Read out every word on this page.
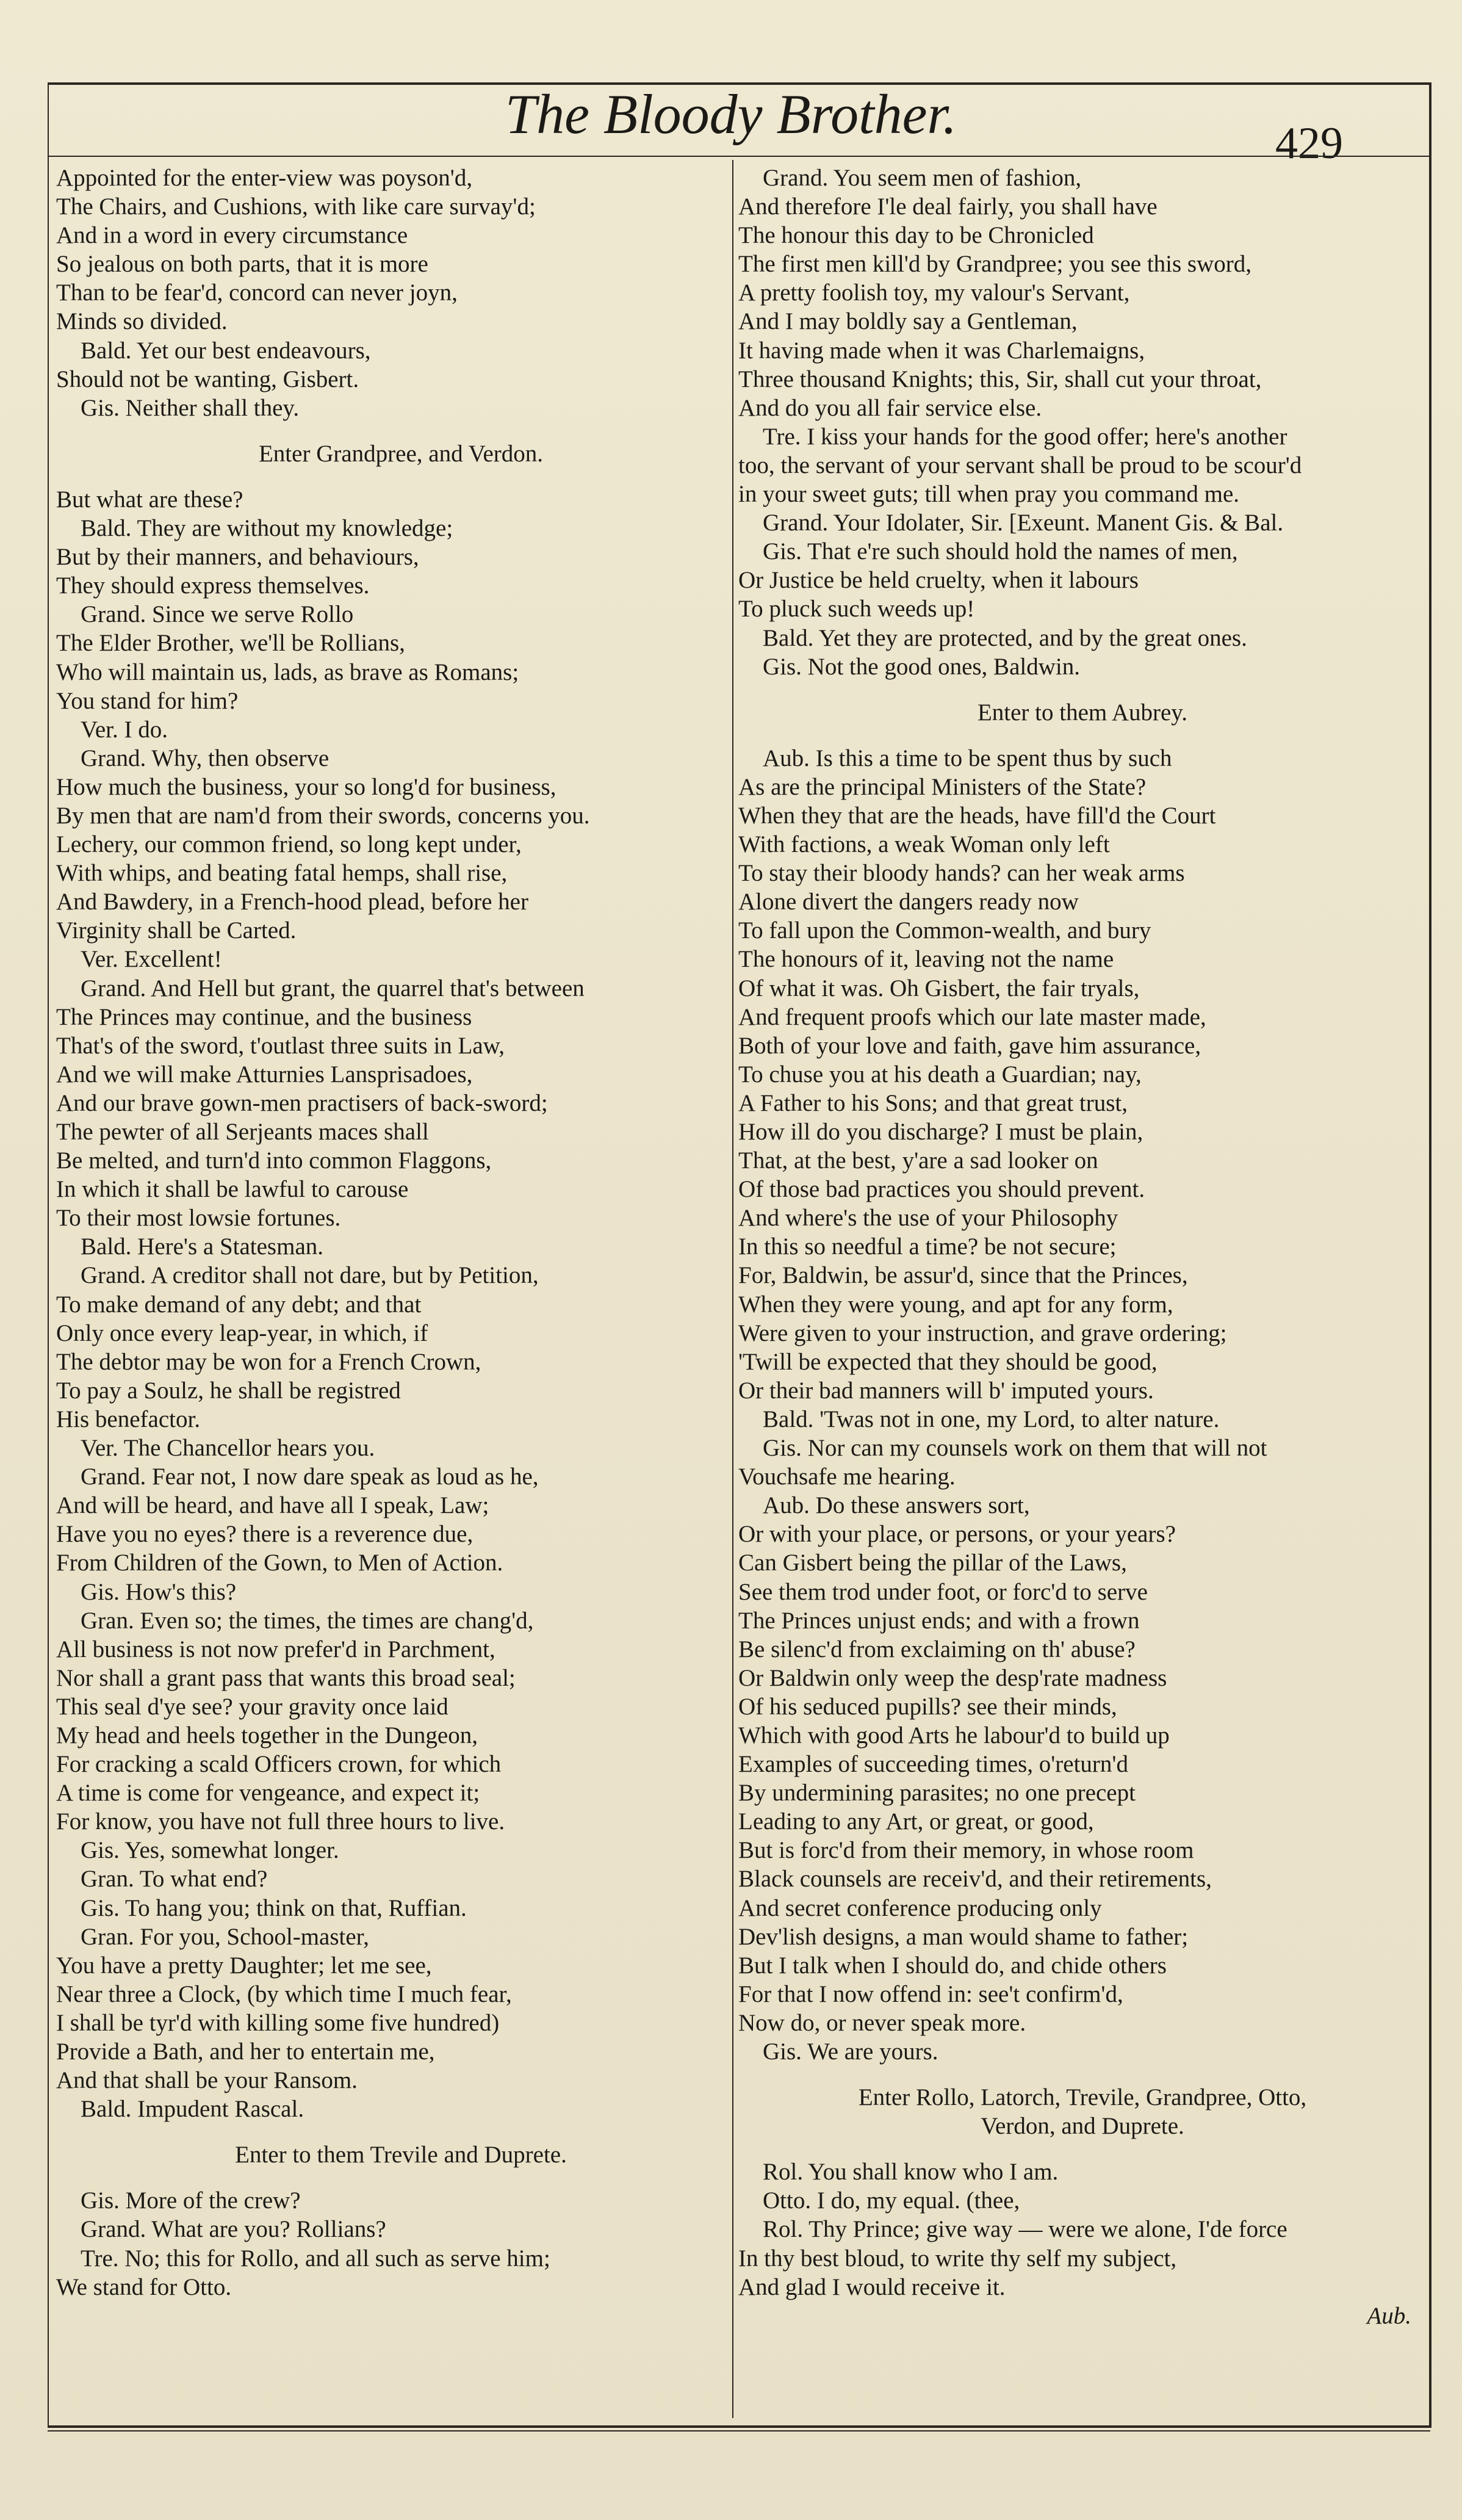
The Bloody Brother.	429
Appointed for the enter-view was poyson'd,
The Chairs, and Cushions, with like care survay'd;
And in a word in every circumstance
So jealous on both parts, that it is more
Than to be fear'd, concord can never joyn,
Minds so divided.
Bald. Yet our best endeavours,
Should not be wanting, Gisbert.
Gis. Neither shall they.
Enter Grandpree, and Verdon.
But what are these?
Bald. They are without my knowledge;
But by their manners, and behaviours,
They should express themselves.
Grand. Since we serve Rollo
The Elder Brother, we'll be Rollians,
Who will maintain us, lads, as brave as Romans;
You stand for him?
Ver. I do.
Grand. Why, then observe
How much the business, your so long'd for business,
By men that are nam'd from their swords, concerns you.
Lechery, our common friend, so long kept under,
With whips, and beating fatal hemps, shall rise,
And Bawdery, in a French-hood plead, before her
Virginity shall be Carted.
Ver. Excellent!
Grand. And Hell but grant, the quarrel that's between
The Princes may continue, and the business
That's of the sword, t'outlast three suits in Law,
And we will make Atturnies Lansprisadoes,
And our brave gown-men practisers of back-sword;
The pewter of all Serjeants maces shall
Be melted, and turn'd into common Flaggons,
In which it shall be lawful to carouse
To their most lowsie fortunes.
Bald. Here's a Statesman.
Grand. A creditor shall not dare, but by Petition,
To make demand of any debt; and that
Only once every leap-year, in which, if
The debtor may be won for a French Crown,
To pay a Soulz, he shall be registred
His benefactor.
Ver. The Chancellor hears you.
Grand. Fear not, I now dare speak as loud as he,
And will be heard, and have all I speak, Law;
Have you no eyes? there is a reverence due,
From Children of the Gown, to Men of Action.
Gis. How's this?
Gran. Even so; the times, the times are chang'd,
All business is not now prefer'd in Parchment,
Nor shall a grant pass that wants this broad seal;
This seal d'ye see? your gravity once laid
My head and heels together in the Dungeon,
For cracking a scald Officers crown, for which
A time is come for vengeance, and expect it;
For know, you have not full three hours to live.
Gis. Yes, somewhat longer.
Gran. To what end?
Gis. To hang you; think on that, Ruffian.
Gran. For you, School-master,
You have a pretty Daughter; let me see,
Near three a Clock, (by which time I much fear,
I shall be tyr'd with killing some five hundred)
Provide a Bath, and her to entertain me,
And that shall be your Ransom.
Bald. Impudent Rascal.
Enter to them Trevile and Duprete.
Gis. More of the crew?
Grand. What are you? Rollians?
Tre. No; this for Rollo, and all such as serve him;
We stand for Otto.
Grand. You seem men of fashion,
And therefore I'le deal fairly, you shall have
The honour this day to be Chronicled
The first men kill'd by Grandpree; you see this sword,
A pretty foolish toy, my valour's Servant,
And I may boldly say a Gentleman,
It having made when it was Charlemaigns,
Three thousand Knights; this, Sir, shall cut your throat,
And do you all fair service else.
Tre. I kiss your hands for the good offer; here's another
too, the servant of your servant shall be proud to be scour'd
in your sweet guts; till when pray you command me.
Grand. Your Idolater, Sir. [Exeunt. Manent Gis. & Bal.
Gis. That e're such should hold the names of men,
Or Justice be held cruelty, when it labours
To pluck such weeds up!
Bald. Yet they are protected, and by the great ones.
Gis. Not the good ones, Baldwin.
Enter to them Aubrey.
Aub. Is this a time to be spent thus by such
As are the principal Ministers of the State?
When they that are the heads, have fill'd the Court
With factions, a weak Woman only left
To stay their bloody hands? can her weak arms
Alone divert the dangers ready now
To fall upon the Common-wealth, and bury
The honours of it, leaving not the name
Of what it was. Oh Gisbert, the fair tryals,
And frequent proofs which our late master made,
Both of your love and faith, gave him assurance,
To chuse you at his death a Guardian; nay,
A Father to his Sons; and that great trust,
How ill do you discharge? I must be plain,
That, at the best, y'are a sad looker on
Of those bad practices you should prevent.
And where's the use of your Philosophy
In this so needful a time? be not secure;
For, Baldwin, be assur'd, since that the Princes,
When they were young, and apt for any form,
Were given to your instruction, and grave ordering;
'Twill be expected that they should be good,
Or their bad manners will b' imputed yours.
Bald. 'Twas not in one, my Lord, to alter nature.
Gis. Nor can my counsels work on them that will not
Vouchsafe me hearing.
Aub. Do these answers sort,
Or with your place, or persons, or your years?
Can Gisbert being the pillar of the Laws,
See them trod under foot, or forc'd to serve
The Princes unjust ends; and with a frown
Be silenc'd from exclaiming on th' abuse?
Or Baldwin only weep the desp'rate madness
Of his seduced pupills? see their minds,
Which with good Arts he labour'd to build up
Examples of succeeding times, o'return'd
By undermining parasites; no one precept
Leading to any Art, or great, or good,
But is forc'd from their memory, in whose room
Black counsels are receiv'd, and their retirements,
And secret conference producing only
Dev'lish designs, a man would shame to father;
But I talk when I should do, and chide others
For that I now offend in: see't confirm'd,
Now do, or never speak more.
Gis. We are yours.
Enter Rollo, Latorch, Trevile, Grandpree, Otto,
Verdon, and Duprete.
Rol. You shall know who I am.
Otto. I do, my equal. (thee,
Rol. Thy Prince; give way — were we alone, I'de force
In thy best bloud, to write thy self my subject,
And glad I would receive it.
Aub.
